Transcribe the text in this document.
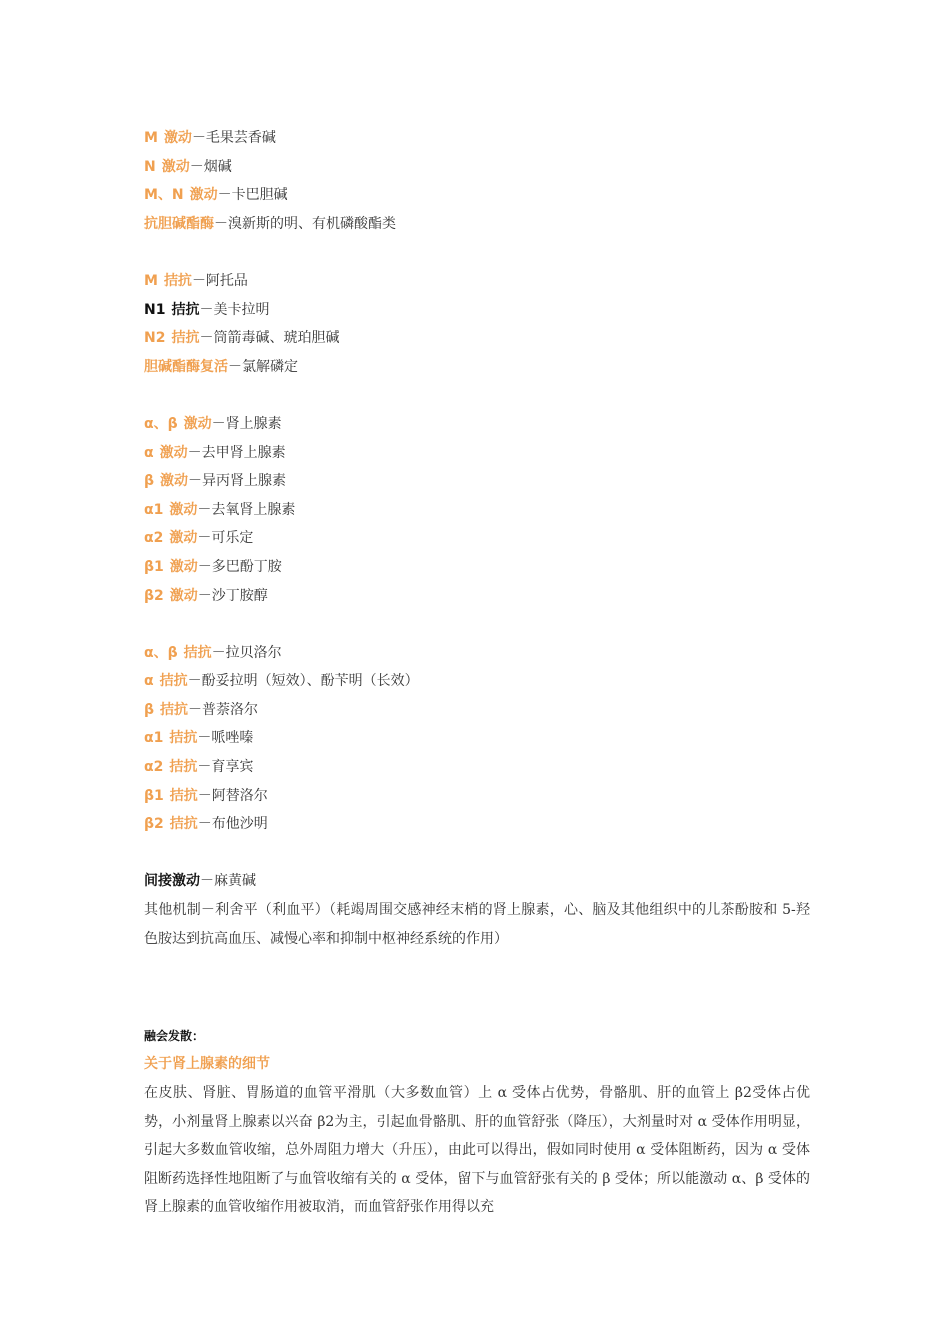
M 激动－毛果芸香碱
N 激动－烟碱
M、N 激动－卡巴胆碱
抗胆碱酯酶－溴新斯的明、有机磷酸酯类
M 拮抗－阿托品
N1 拮抗－美卡拉明
N2 拮抗－筒箭毒碱、琥珀胆碱
胆碱酯酶复活－氯解磷定
α、β 激动－肾上腺素
α 激动－去甲肾上腺素
β 激动－异丙肾上腺素
α1 激动－去氧肾上腺素
α2 激动－可乐定
β1 激动－多巴酚丁胺
β2 激动－沙丁胺醇
α、β 拮抗－拉贝洛尔
α 拮抗－酚妥拉明（短效）、酚苄明（长效）
β 拮抗－普萘洛尔
α1 拮抗－哌唑嗪
α2 拮抗－育享宾
β1 拮抗－阿替洛尔
β2 拮抗－布他沙明
间接激动－麻黄碱
其他机制－利舍平（利血平）（耗竭周围交感神经末梢的肾上腺素，心、脑及其他组织中的儿茶酚胺和 5-羟色胺达到抗高血压、减慢心率和抑制中枢神经系统的作用）
融会发散：
关于肾上腺素的细节
在皮肤、肾脏、胃肠道的血管平滑肌（大多数血管）上 α 受体占优势，骨骼肌、肝的血管上 β2受体占优势，小剂量肾上腺素以兴奋 β2为主，引起血骨骼肌、肝的血管舒张（降压），大剂量时对 α 受体作用明显，引起大多数血管收缩，总外周阻力增大（升压），由此可以得出，假如同时使用 α 受体阻断药，因为 α 受体阻断药选择性地阻断了与血管收缩有关的 α 受体，留下与血管舒张有关的 β 受体；所以能激动 α、β 受体的肾上腺素的血管收缩作用被取消，而血管舒张作用得以充
